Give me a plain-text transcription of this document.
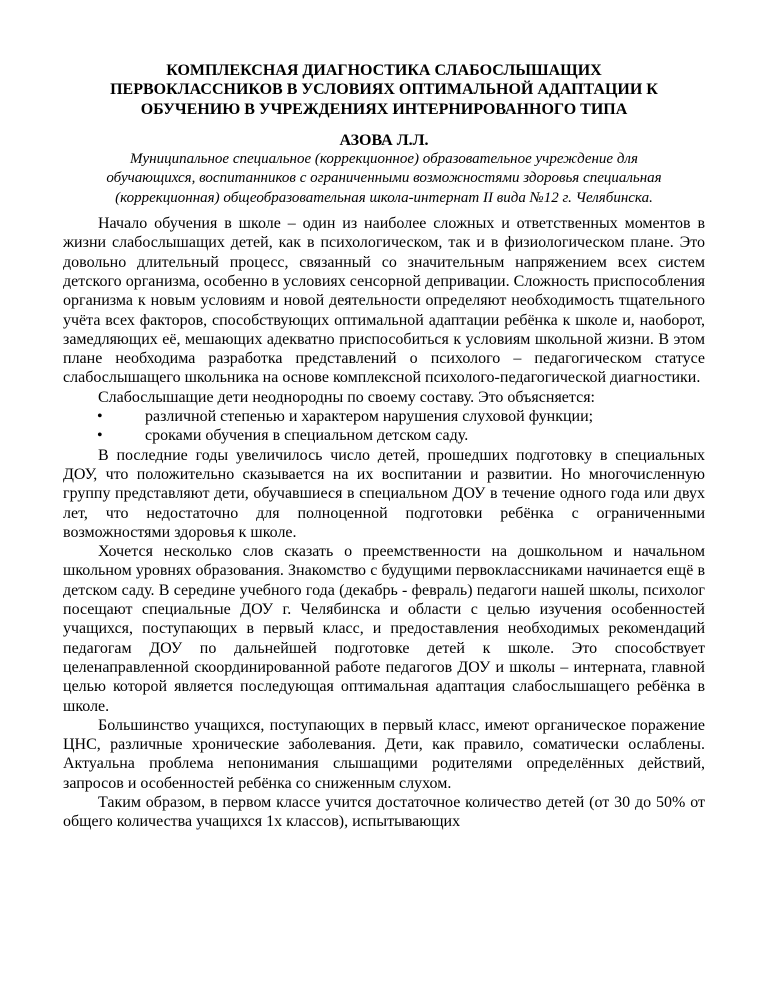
КОМПЛЕКСНАЯ ДИАГНОСТИКА СЛАБОСЛЫШАЩИХ
ПЕРВОКЛАССНИКОВ В УСЛОВИЯХ ОПТИМАЛЬНОЙ АДАПТАЦИИ К
ОБУЧЕНИЮ В УЧРЕЖДЕНИЯХ ИНТЕРНИРОВАННОГО ТИПА
АЗОВА Л.Л.
Муниципальное специальное (коррекционное) образовательное учреждение для
обучающихся, воспитанников с ограниченными возможностями здоровья специальная
(коррекционная) общеобразовательная школа-интернат II вида №12 г. Челябинска.

Начало обучения в школе – один из наиболее сложных и ответственных моментов в жизни слабослышащих детей, как в психологическом, так и в физиологическом плане. Это довольно длительный процесс, связанный со значительным напряжением всех систем детского организма, особенно в условиях сенсорной депривации. Сложность приспособления организма к новым условиям и новой деятельности определяют необходимость тщательного учёта всех факторов, способствующих оптимальной адаптации ребёнка к школе и, наоборот, замедляющих её, мешающих адекватно приспособиться к условиям школьной жизни. В этом плане необходима разработка представлений о психолого – педагогическом статусе слабослышащего школьника на основе комплексной психолого-педагогической диагностики.

Слабослышащие дети неоднородны по своему составу. Это объясняется:

•	различной степенью и характером нарушения слуховой функции;
•	сроками обучения в специальном детском саду.

В последние годы увеличилось число детей, прошедших подготовку в специальных ДОУ, что положительно сказывается на их воспитании и развитии. Но многочисленную группу представляют дети, обучавшиеся в специальном ДОУ в течение одного года или двух лет, что недостаточно для полноценной подготовки ребёнка с ограниченными возможностями здоровья к школе.

Хочется несколько слов сказать о преемственности на дошкольном и начальном школьном уровнях образования. Знакомство с будущими первоклассниками начинается ещё в детском саду. В середине учебного года (декабрь - февраль) педагоги нашей школы, психолог посещают специальные ДОУ г. Челябинска и области с целью изучения особенностей учащихся, поступающих в первый класс, и предоставления необходимых рекомендаций педагогам ДОУ по дальнейшей подготовке детей к школе. Это способствует целенаправленной скоординированной работе педагогов ДОУ и школы – интерната, главной целью которой является последующая оптимальная адаптация слабослышащего ребёнка в школе.

Большинство учащихся, поступающих в первый класс, имеют органическое поражение ЦНС, различные хронические заболевания. Дети, как правило, соматически ослаблены. Актуальна проблема непонимания слышащими родителями определённых действий, запросов и особенностей ребёнка со сниженным слухом.

Таким образом, в первом классе учится достаточное количество детей (от 30 до 50% от общего количества учащихся 1х классов), испытывающих
